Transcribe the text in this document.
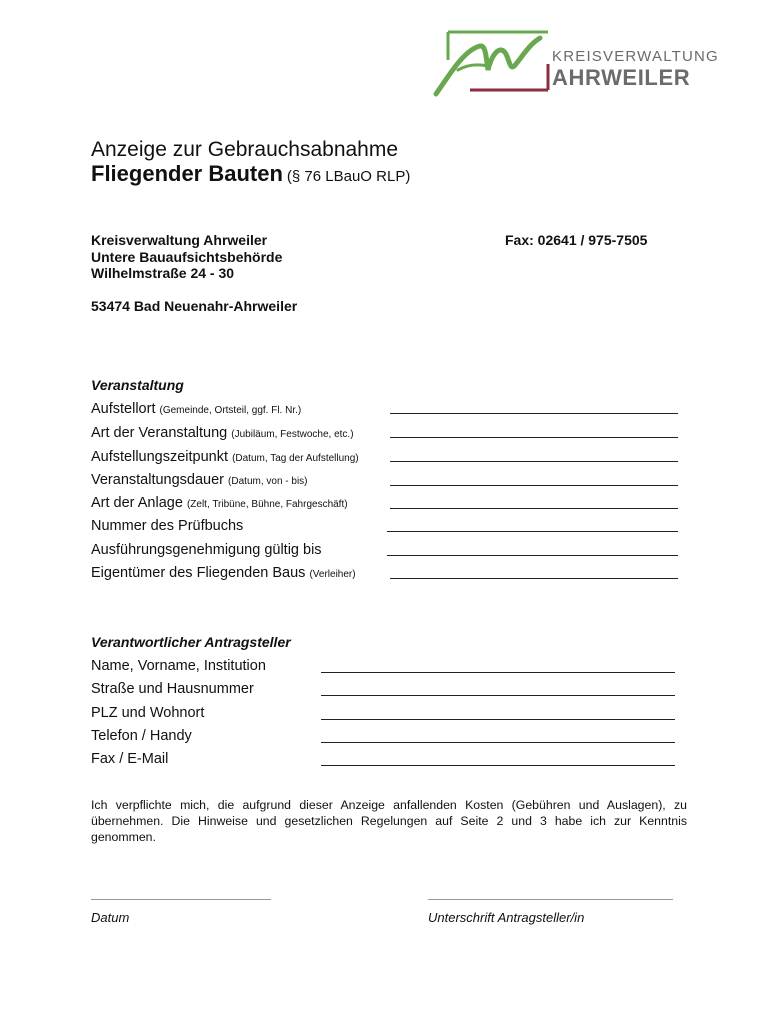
KREISVERWALTUNG
AHRWEILER
Anzeige zur Gebrauchsabnahme
Fliegender Bauten (§ 76 LBauO RLP)
Kreisverwaltung Ahrweiler
Untere Bauaufsichtsbehörde
Wilhelmstraße 24 - 30
53474 Bad Neuenahr-Ahrweiler
Fax: 02641 / 975-7505
Veranstaltung
Aufstellort (Gemeinde, Ortsteil, ggf. Fl. Nr.)
Art der Veranstaltung (Jubiläum, Festwoche, etc.)
Aufstellungszeitpunkt (Datum, Tag der Aufstellung)
Veranstaltungsdauer (Datum, von - bis)
Art der Anlage (Zelt, Tribüne, Bühne, Fahrgeschäft)
Nummer des Prüfbuchs
Ausführungsgenehmigung gültig bis
Eigentümer des Fliegenden Baus (Verleiher)
Verantwortlicher Antragsteller
Name, Vorname, Institution
Straße und Hausnummer
PLZ und Wohnort
Telefon / Handy
Fax / E-Mail
Ich verpflichte mich, die aufgrund dieser Anzeige anfallenden Kosten (Gebühren und Auslagen), zu übernehmen. Die Hinweise und gesetzlichen Regelungen auf Seite 2 und 3 habe ich zur Kenntnis genommen.
Datum	Unterschrift Antragsteller/in
